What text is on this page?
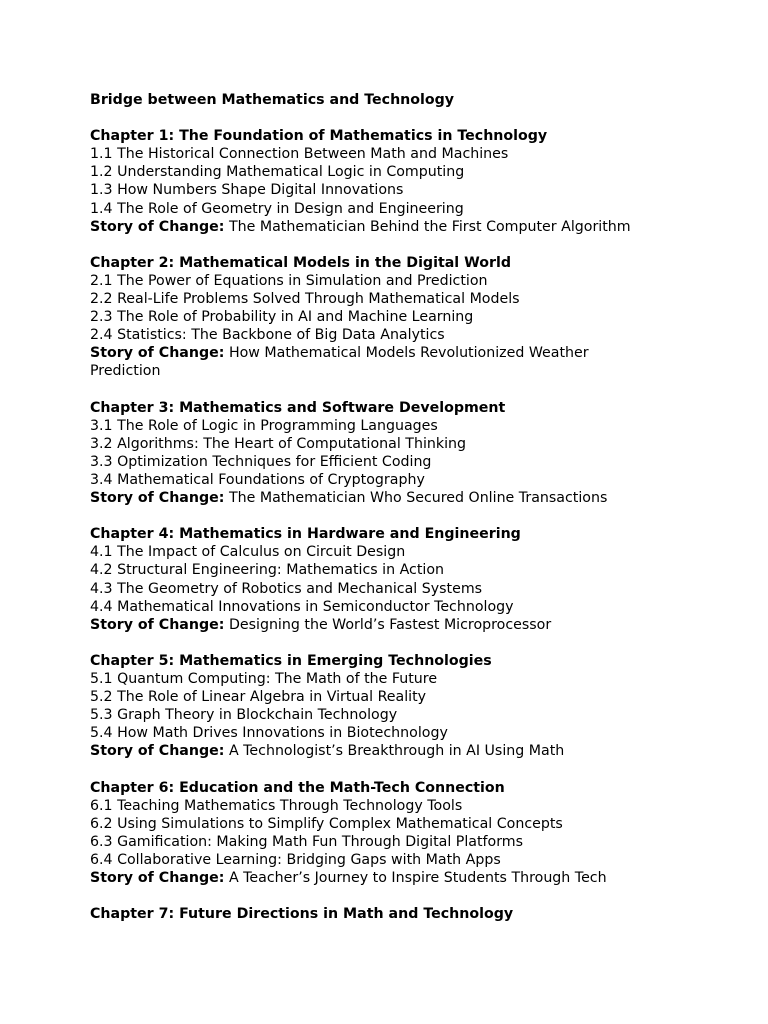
Bridge between Mathematics and Technology
Chapter 1: The Foundation of Mathematics in Technology
1.1 The Historical Connection Between Math and Machines
1.2 Understanding Mathematical Logic in Computing
1.3 How Numbers Shape Digital Innovations
1.4 The Role of Geometry in Design and Engineering
Story of Change: The Mathematician Behind the First Computer Algorithm
Chapter 2: Mathematical Models in the Digital World
2.1 The Power of Equations in Simulation and Prediction
2.2 Real-Life Problems Solved Through Mathematical Models
2.3 The Role of Probability in AI and Machine Learning
2.4 Statistics: The Backbone of Big Data Analytics
Story of Change: How Mathematical Models Revolutionized Weather Prediction
Chapter 3: Mathematics and Software Development
3.1 The Role of Logic in Programming Languages
3.2 Algorithms: The Heart of Computational Thinking
3.3 Optimization Techniques for Efficient Coding
3.4 Mathematical Foundations of Cryptography
Story of Change: The Mathematician Who Secured Online Transactions
Chapter 4: Mathematics in Hardware and Engineering
4.1 The Impact of Calculus on Circuit Design
4.2 Structural Engineering: Mathematics in Action
4.3 The Geometry of Robotics and Mechanical Systems
4.4 Mathematical Innovations in Semiconductor Technology
Story of Change: Designing the World’s Fastest Microprocessor
Chapter 5: Mathematics in Emerging Technologies
5.1 Quantum Computing: The Math of the Future
5.2 The Role of Linear Algebra in Virtual Reality
5.3 Graph Theory in Blockchain Technology
5.4 How Math Drives Innovations in Biotechnology
Story of Change: A Technologist’s Breakthrough in AI Using Math
Chapter 6: Education and the Math-Tech Connection
6.1 Teaching Mathematics Through Technology Tools
6.2 Using Simulations to Simplify Complex Mathematical Concepts
6.3 Gamification: Making Math Fun Through Digital Platforms
6.4 Collaborative Learning: Bridging Gaps with Math Apps
Story of Change: A Teacher’s Journey to Inspire Students Through Tech
Chapter 7: Future Directions in Math and Technology
